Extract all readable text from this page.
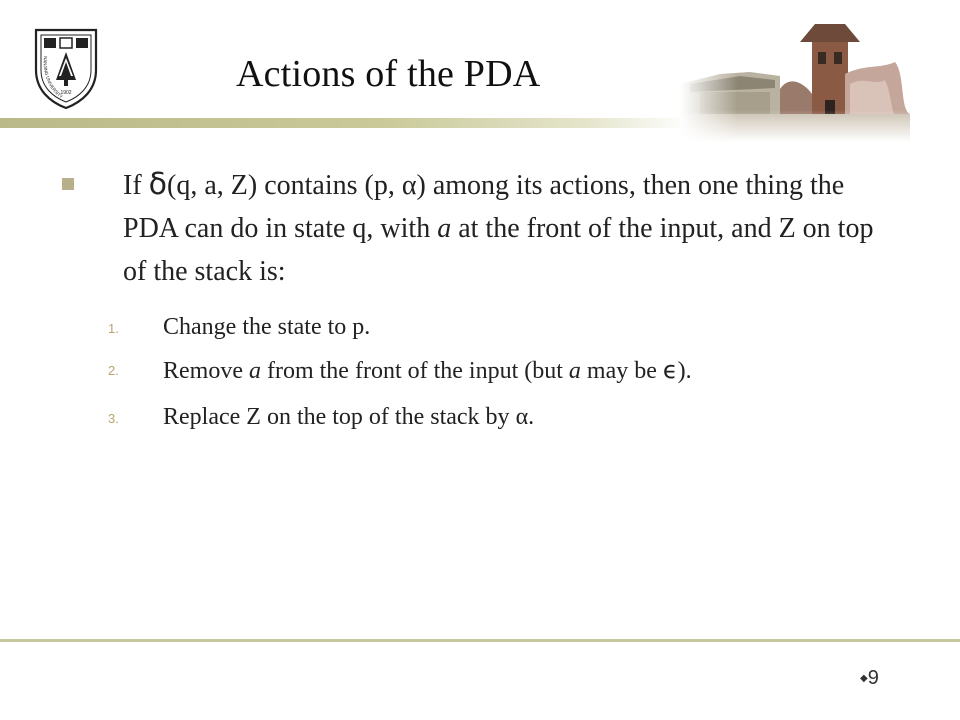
1902
NANJING UNIVERSITY
Actions of the PDA
If δ(q, a, Z) contains (p, α) among its actions, then one thing the PDA can do in state q, with a at the front of the input, and Z on top of the stack is:
1. Change the state to p.
2. Remove a from the front of the input (but a may be ϵ).
3. Replace Z on the top of the stack by α.
◆9
